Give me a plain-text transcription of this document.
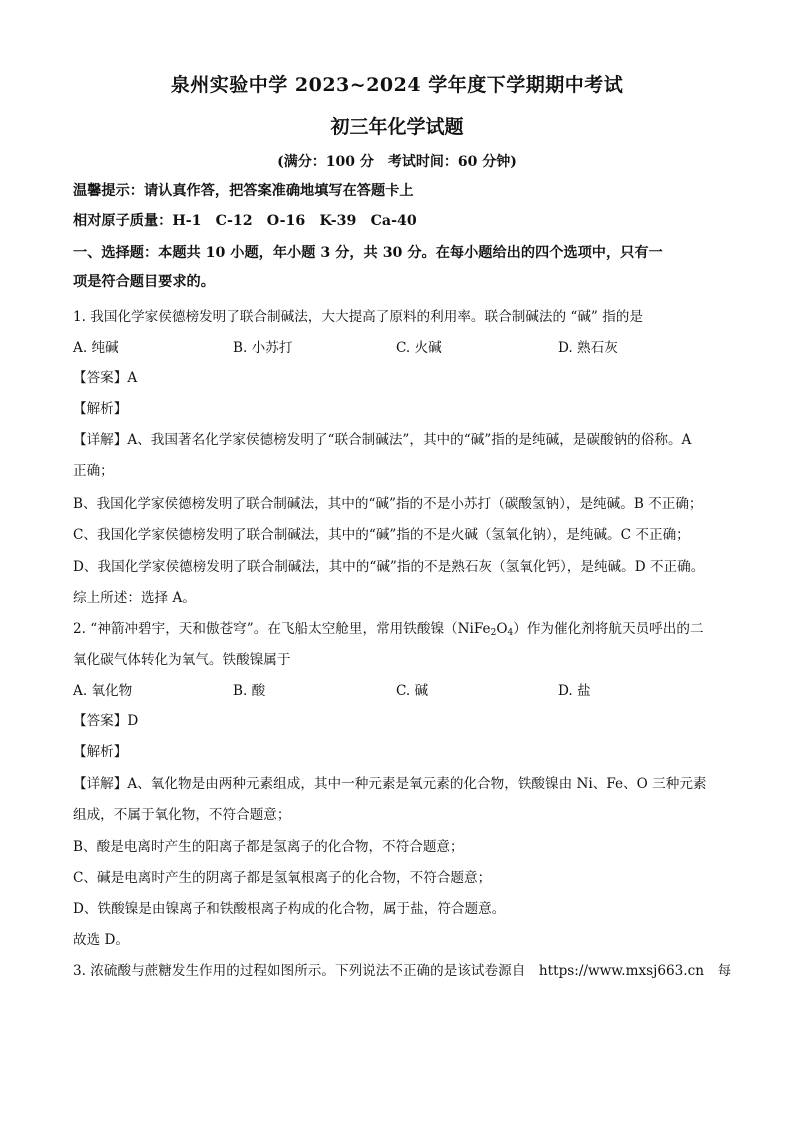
泉州实验中学 2023~2024 学年度下学期期中考试
初三年化学试题
(满分：100 分　考试时间：60 分钟)
温馨提示：请认真作答，把答案准确地填写在答题卡上
相对原子质量：H-1　C-12　O-16　K-39　Ca-40
一、选择题：本题共 10 小题，年小题 3 分，共 30 分。在每小题给出的四个选项中，只有一
项是符合题目要求的。
1. 我国化学家侯德榜发明了联合制碱法，大大提高了原料的利用率。联合制碱法的 “碱” 指的是
A. 纯碱	B. 小苏打	C. 火碱	D. 熟石灰
【答案】A
【解析】
【详解】A、我国著名化学家侯德榜发明了“联合制碱法”，其中的“碱”指的是纯碱，是碳酸钠的俗称。A
正确；
B、我国化学家侯德榜发明了联合制碱法，其中的“碱”指的不是小苏打（碳酸氢钠），是纯碱。B 不正确；
C、我国化学家侯德榜发明了联合制碱法，其中的“碱”指的不是火碱（氢氧化钠），是纯碱。C 不正确；
D、我国化学家侯德榜发明了联合制碱法，其中的“碱”指的不是熟石灰（氢氧化钙），是纯碱。D 不正确。
综上所述：选择 A。
2. “神箭冲碧宇，天和傲苍穹”。在飞船太空舱里，常用铁酸镍$(NiFe_2O_4)$作为催化剂将航天员呼出的二
氧化碳气体转化为氧气。铁酸镍属于
A. 氧化物	B. 酸	C. 碱	D. 盐
【答案】D
【解析】
【详解】A、氧化物是由两种元素组成，其中一种元素是氧元素的化合物，铁酸镍由 Ni、Fe、O 三种元素
组成，不属于氧化物，不符合题意；
B、酸是电离时产生的阳离子都是氢离子的化合物，不符合题意；
C、碱是电离时产生的阴离子都是氢氧根离子的化合物，不符合题意；
D、铁酸镍是由镍离子和铁酸根离子构成的化合物，属于盐，符合题意。
故选 D。
3. 浓硫酸与蔗糖发生作用的过程如图所示。下列说法不正确的是该试卷源自　https://www.mxsj663.cn　每
